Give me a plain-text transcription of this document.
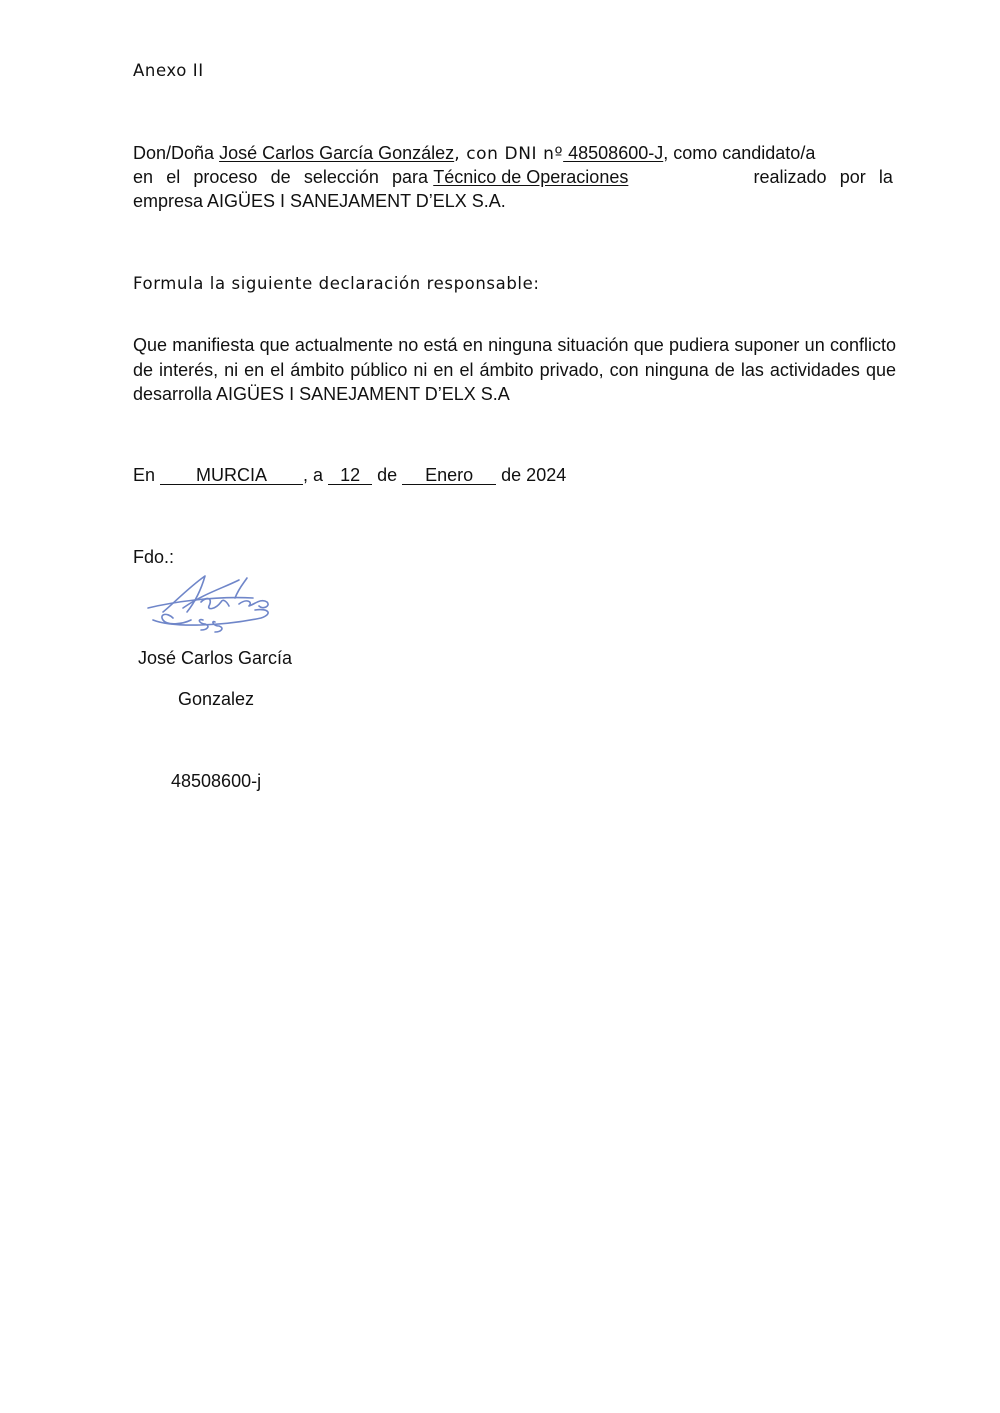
Anexo II
Don/Doña José Carlos García González, con DNI nº 48508600-J, como candidato/a
en el proceso de selección para Técnico de Operaciones	realizado por la
empresa AIGÜES I SANEJAMENT D’ELX S.A.
Formula la siguiente declaración responsable:
Que manifiesta que actualmente no está en ninguna situación que pudiera suponer un conflicto de interés, ni en el ámbito público ni en el ámbito privado, con ninguna de las actividades que desarrolla AIGÜES I SANEJAMENT D’ELX S.A
En MURCIA , a 12 de Enero de 2024
Fdo.:
José Carlos García
Gonzalez
48508600-j
